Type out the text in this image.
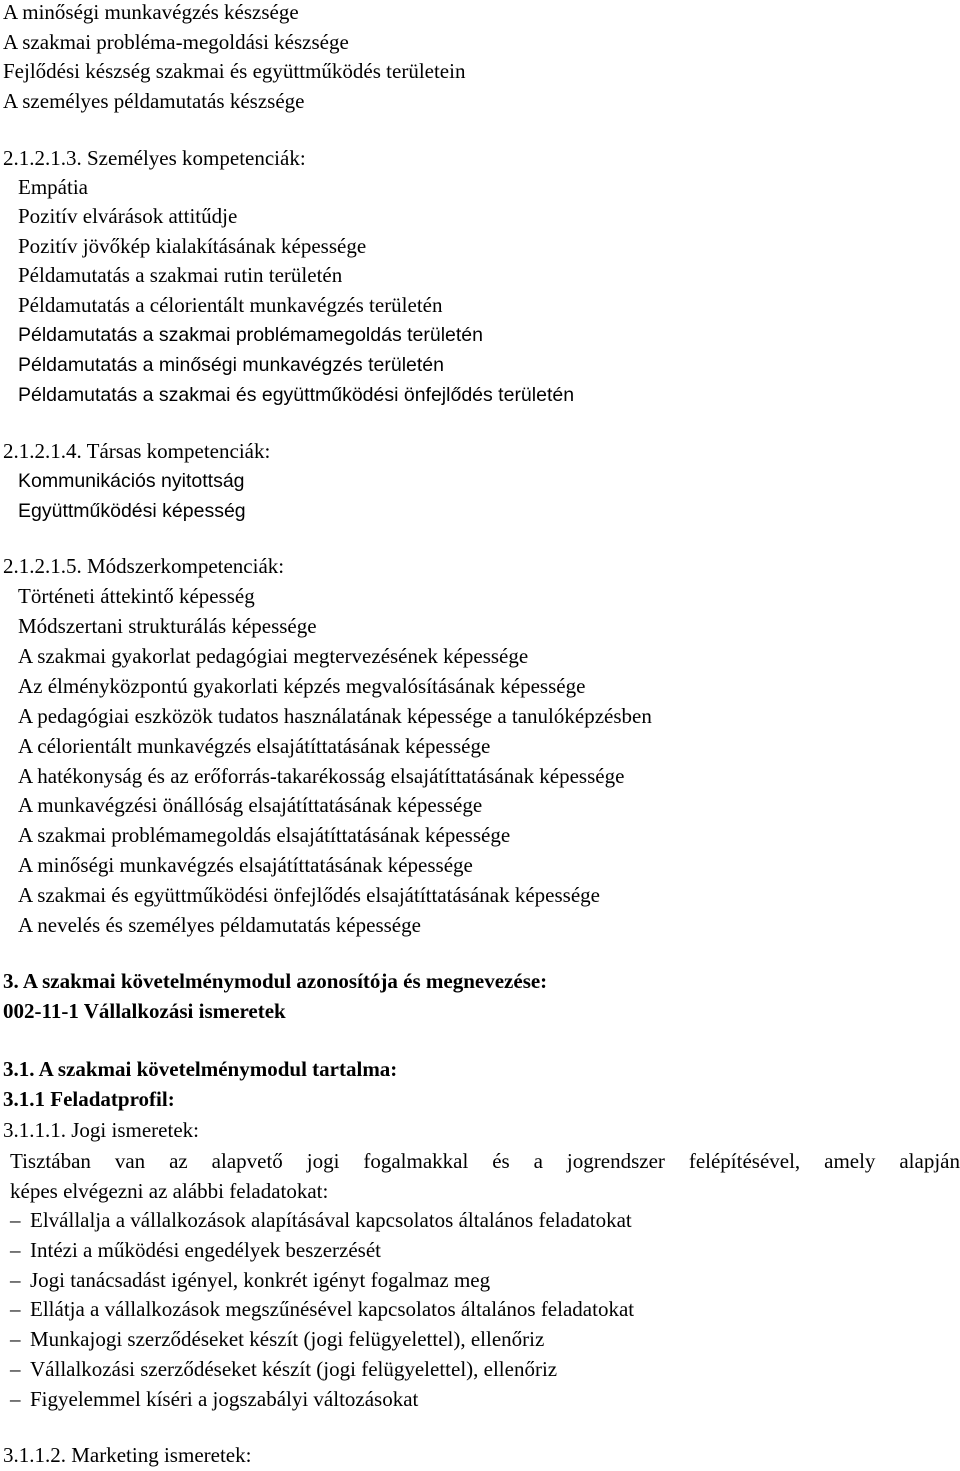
A minőségi munkavégzés készsége
A szakmai probléma-megoldási készsége
Fejlődési készség szakmai és együttműködés területein
A személyes példamutatás készsége
2.1.2.1.3. Személyes kompetenciák:
Empátia
Pozitív elvárások attitűdje
Pozitív jövőkép kialakításának képessége
Példamutatás a szakmai rutin területén
Példamutatás a célorientált munkavégzés területén
Példamutatás a szakmai problémamegoldás területén
Példamutatás a minőségi munkavégzés területén
Példamutatás a szakmai és együttműködési önfejlődés területén
2.1.2.1.4. Társas kompetenciák:
Kommunikációs nyitottság
Együttműködési képesség
2.1.2.1.5. Módszerkompetenciák:
Történeti áttekintő képesség
Módszertani strukturálás képessége
A szakmai gyakorlat pedagógiai megtervezésének képessége
Az élményközpontú gyakorlati képzés megvalósításának képessége
A pedagógiai eszközök tudatos használatának képessége a tanulóképzésben
A célorientált munkavégzés elsajátíttatásának képessége
A hatékonyság és az erőforrás-takarékosság elsajátíttatásának képessége
A munkavégzési önállóság elsajátíttatásának képessége
A szakmai problémamegoldás elsajátíttatásának képessége
A minőségi munkavégzés elsajátíttatásának képessége
A szakmai és együttműködési önfejlődés elsajátíttatásának képessége
A nevelés és személyes példamutatás képessége
3. A szakmai követelménymodul azonosítója és megnevezése:
002-11-1 Vállalkozási ismeretek
3.1. A szakmai követelménymodul tartalma:
3.1.1 Feladatprofil:
3.1.1.1. Jogi ismeretek:
Tisztában van az alapvető jogi fogalmakkal és a jogrendszer felépítésével, amely alapján
képes elvégezni az alábbi feladatokat:
– Elvállalja a vállalkozások alapításával kapcsolatos általános feladatokat
– Intézi a működési engedélyek beszerzését
– Jogi tanácsadást igényel, konkrét igényt fogalmaz meg
– Ellátja a vállalkozások megszűnésével kapcsolatos általános feladatokat
– Munkajogi szerződéseket készít (jogi felügyelettel), ellenőriz
– Vállalkozási szerződéseket készít (jogi felügyelettel), ellenőriz
– Figyelemmel kíséri a jogszabályi változásokat
3.1.1.2. Marketing ismeretek:
